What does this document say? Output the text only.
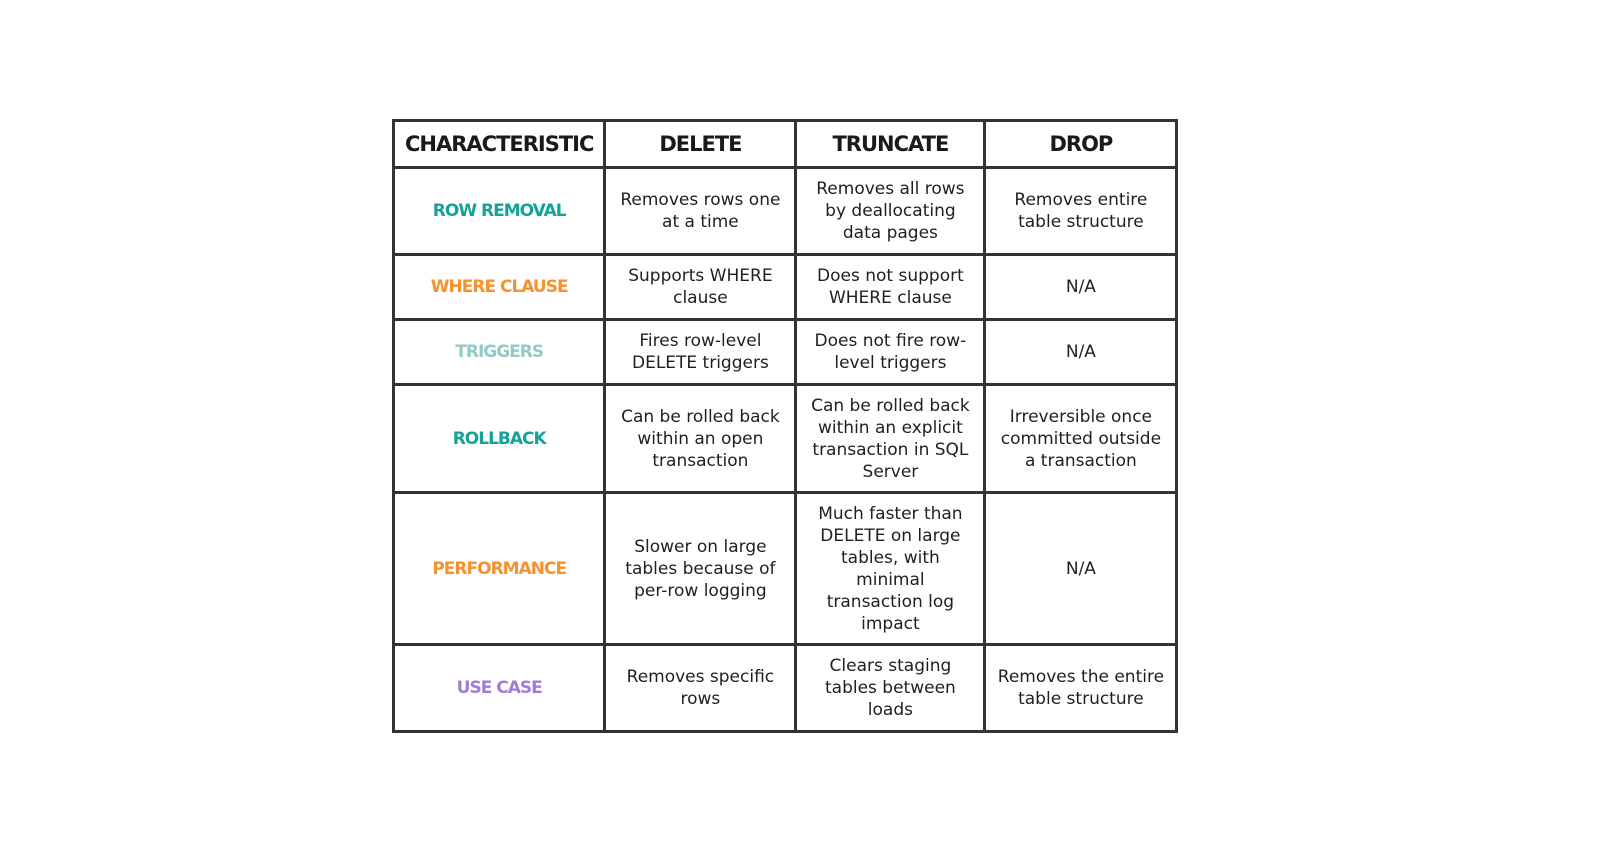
CHARACTERISTIC	DELETE	TRUNCATE	DROP
ROW REMOVAL	Removes rows one at a time	Removes all rows by deallocating data pages	Removes entire table structure
WHERE CLAUSE	Supports WHERE clause	Does not support WHERE clause	N/A
TRIGGERS	Fires row-level DELETE triggers	Does not fire row-level triggers	N/A
ROLLBACK	Can be rolled back within an open transaction	Can be rolled back within an explicit transaction in SQL Server	Irreversible once committed outside a transaction
PERFORMANCE	Slower on large tables because of per-row logging	Much faster than DELETE on large tables, with minimal transaction log impact	N/A
USE CASE	Removes specific rows	Clears staging tables between loads	Removes the entire table structure
